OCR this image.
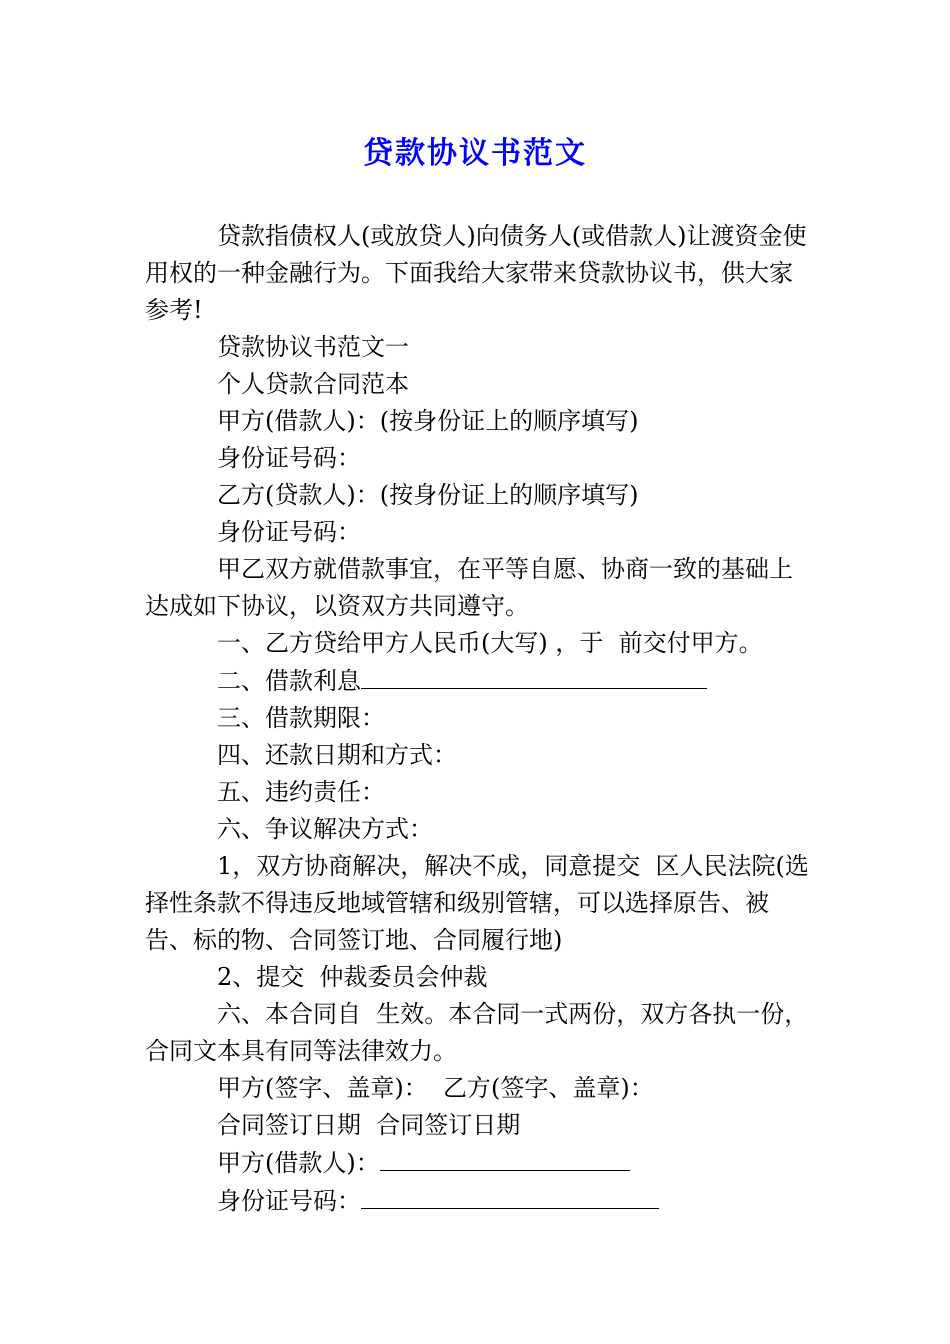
贷款协议书范文

贷款指债权人(或放贷人)向债务人(或借款人)让渡资金使用权的一种金融行为。下面我给大家带来贷款协议书，供大家参考!

贷款协议书范文一

个人贷款合同范本

甲方(借款人)：(按身份证上的顺序填写)

身份证号码：

乙方(贷款人)：(按身份证上的顺序填写)

身份证号码：

甲乙双方就借款事宜，在平等自愿、协商一致的基础上达成如下协议，以资双方共同遵守。

一、乙方贷给甲方人民币(大写) ，于  前交付甲方。

二、借款利息

三、借款期限：

四、还款日期和方式：

五、违约责任：

六、争议解决方式：

1，双方协商解决，解决不成，同意提交  区人民法院(选择性条款不得违反地域管辖和级别管辖，可以选择原告、被告、标的物、合同签订地、合同履行地)

2、提交  仲裁委员会仲裁

六、本合同自  生效。本合同一式两份，双方各执一份，合同文本具有同等法律效力。

甲方(签字、盖章)：  乙方(签字、盖章)：

合同签订日期  合同签订日期

甲方(借款人)：

身份证号码：
